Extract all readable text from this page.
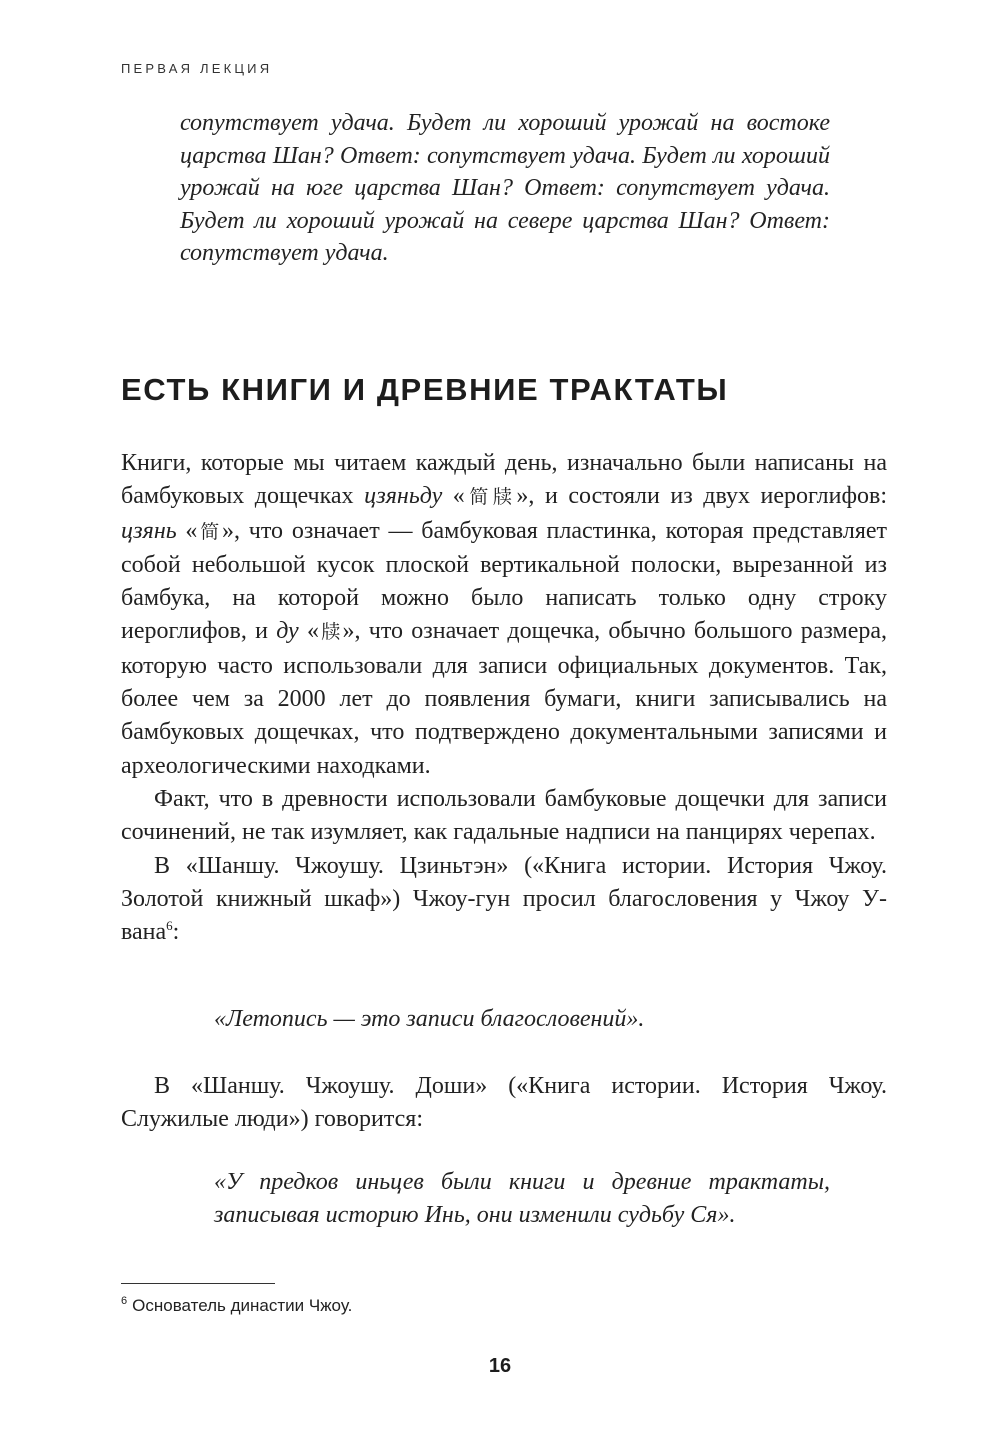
ПЕРВАЯ ЛЕКЦИЯ

сопутствует удача. Будет ли хороший урожай на востоке царства Шан? Ответ: сопутствует удача. Будет ли хороший урожай на юге царства Шан? Ответ: сопутствует удача. Будет ли хороший урожай на севере царства Шан? Ответ: сопутствует удача.

ЕСТЬ КНИГИ И ДРЕВНИЕ ТРАКТАТЫ

Книги, которые мы читаем каждый день, изначально были написаны на бамбуковых дощечках цзяньду «简牍», и состояли из двух иероглифов: цзянь «简», что означает — бамбуковая пластинка, которая представляет собой небольшой кусок плоской вертикальной полоски, вырезанной из бамбука, на которой можно было написать только одну строку иероглифов, и ду «牍», что означает дощечка, обычно большого размера, которую часто использовали для записи официальных документов. Так, более чем за 2000 лет до появления бумаги, книги записывались на бамбуковых дощечках, что подтверждено документальными записями и археологическими находками.

Факт, что в древности использовали бамбуковые дощечки для записи сочинений, не так изумляет, как гадальные надписи на панцирях черепах.

В «Шаншу. Чжоушу. Цзиньтэн» («Книга истории. История Чжоу. Золотой книжный шкаф») Чжоу-гун просил благословения у Чжоу У-вана$^6$:

«Летопись — это записи благословений».

В «Шаншу. Чжоушу. Доши» («Книга истории. История Чжоу. Служилые люди») говорится:

«У предков иньцев были книги и древние трактаты, записывая историю Инь, они изменили судьбу Ся».

$^6$ Основатель династии Чжоу.
16
